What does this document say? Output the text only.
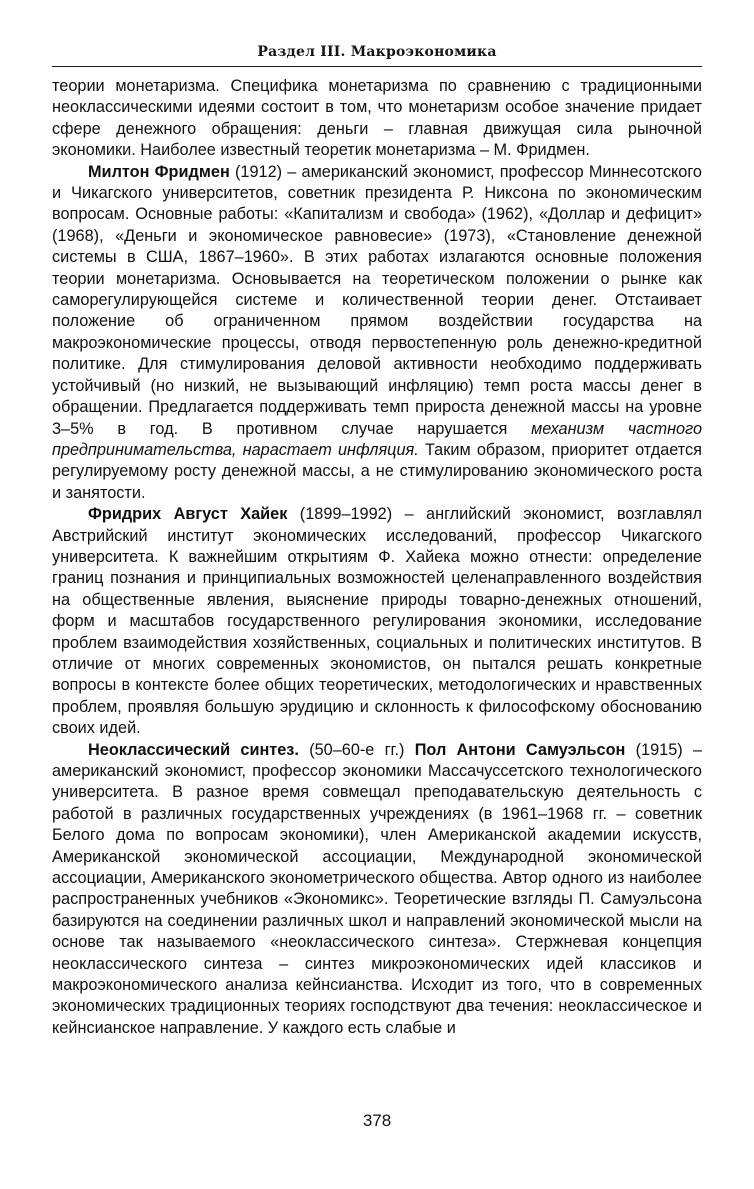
Раздел III. Макроэкономика

теории монетаризма. Специфика монетаризма по сравнению с традиционными неоклассическими идеями состоит в том, что монетаризм особое значение придает сфере денежного обращения: деньги – главная движущая сила рыночной экономики. Наиболее известный теоретик монетаризма – М. Фридмен.

Милтон Фридмен (1912) – американский экономист, профессор Миннесотского и Чикагского университетов, советник президента Р. Никсона по экономическим вопросам. Основные работы: «Капитализм и свобода» (1962), «Доллар и дефицит» (1968), «Деньги и экономическое равновесие» (1973), «Становление денежной системы в США, 1867–1960». В этих работах излагаются основные положения теории монетаризма. Основывается на теоретическом положении о рынке как саморегулирующейся системе и количественной теории денег. Отстаивает положение об ограниченном прямом воздействии государства на макроэкономические процессы, отводя первостепенную роль денежно-кредитной политике. Для стимулирования деловой активности необходимо поддерживать устойчивый (но низкий, не вызывающий инфляцию) темп роста массы денег в обращении. Предлагается поддерживать темп прироста денежной массы на уровне 3–5% в год. В противном случае нарушается механизм частного предпринимательства, нарастает инфляция. Таким образом, приоритет отдается регулируемому росту денежной массы, а не стимулированию экономического роста и занятости.

Фридрих Август Хайек (1899–1992) – английский экономист, возглавлял Австрийский институт экономических исследований, профессор Чикагского университета. К важнейшим открытиям Ф. Хайека можно отнести: определение границ познания и принципиальных возможностей целенаправленного воздействия на общественные явления, выяснение природы товарно-денежных отношений, форм и масштабов государственного регулирования экономики, исследование проблем взаимодействия хозяйственных, социальных и политических институтов. В отличие от многих современных экономистов, он пытался решать конкретные вопросы в контексте более общих теоретических, методологических и нравственных проблем, проявляя большую эрудицию и склонность к философскому обоснованию своих идей.

Неоклассический синтез. (50–60-е гг.) Пол Антони Самуэльсон (1915) – американский экономист, профессор экономики Массачуссетского технологического университета. В разное время совмещал преподавательскую деятельность с работой в различных государственных учреждениях (в 1961–1968 гг. – советник Белого дома по вопросам экономики), член Американской академии искусств, Американской экономической ассоциации, Международной экономической ассоциации, Американского эконометрического общества. Автор одного из наиболее распространенных учебников «Экономикс». Теоретические взгляды П. Самуэльсона базируются на соединении различных школ и направлений экономической мысли на основе так называемого «неоклассического синтеза». Стержневая концепция неоклассического синтеза – синтез микроэкономических идей классиков и макроэкономического анализа кейнсианства. Исходит из того, что в современных экономических традиционных теориях господствуют два течения: неоклассическое и кейнсианское направление. У каждого есть слабые и

378
